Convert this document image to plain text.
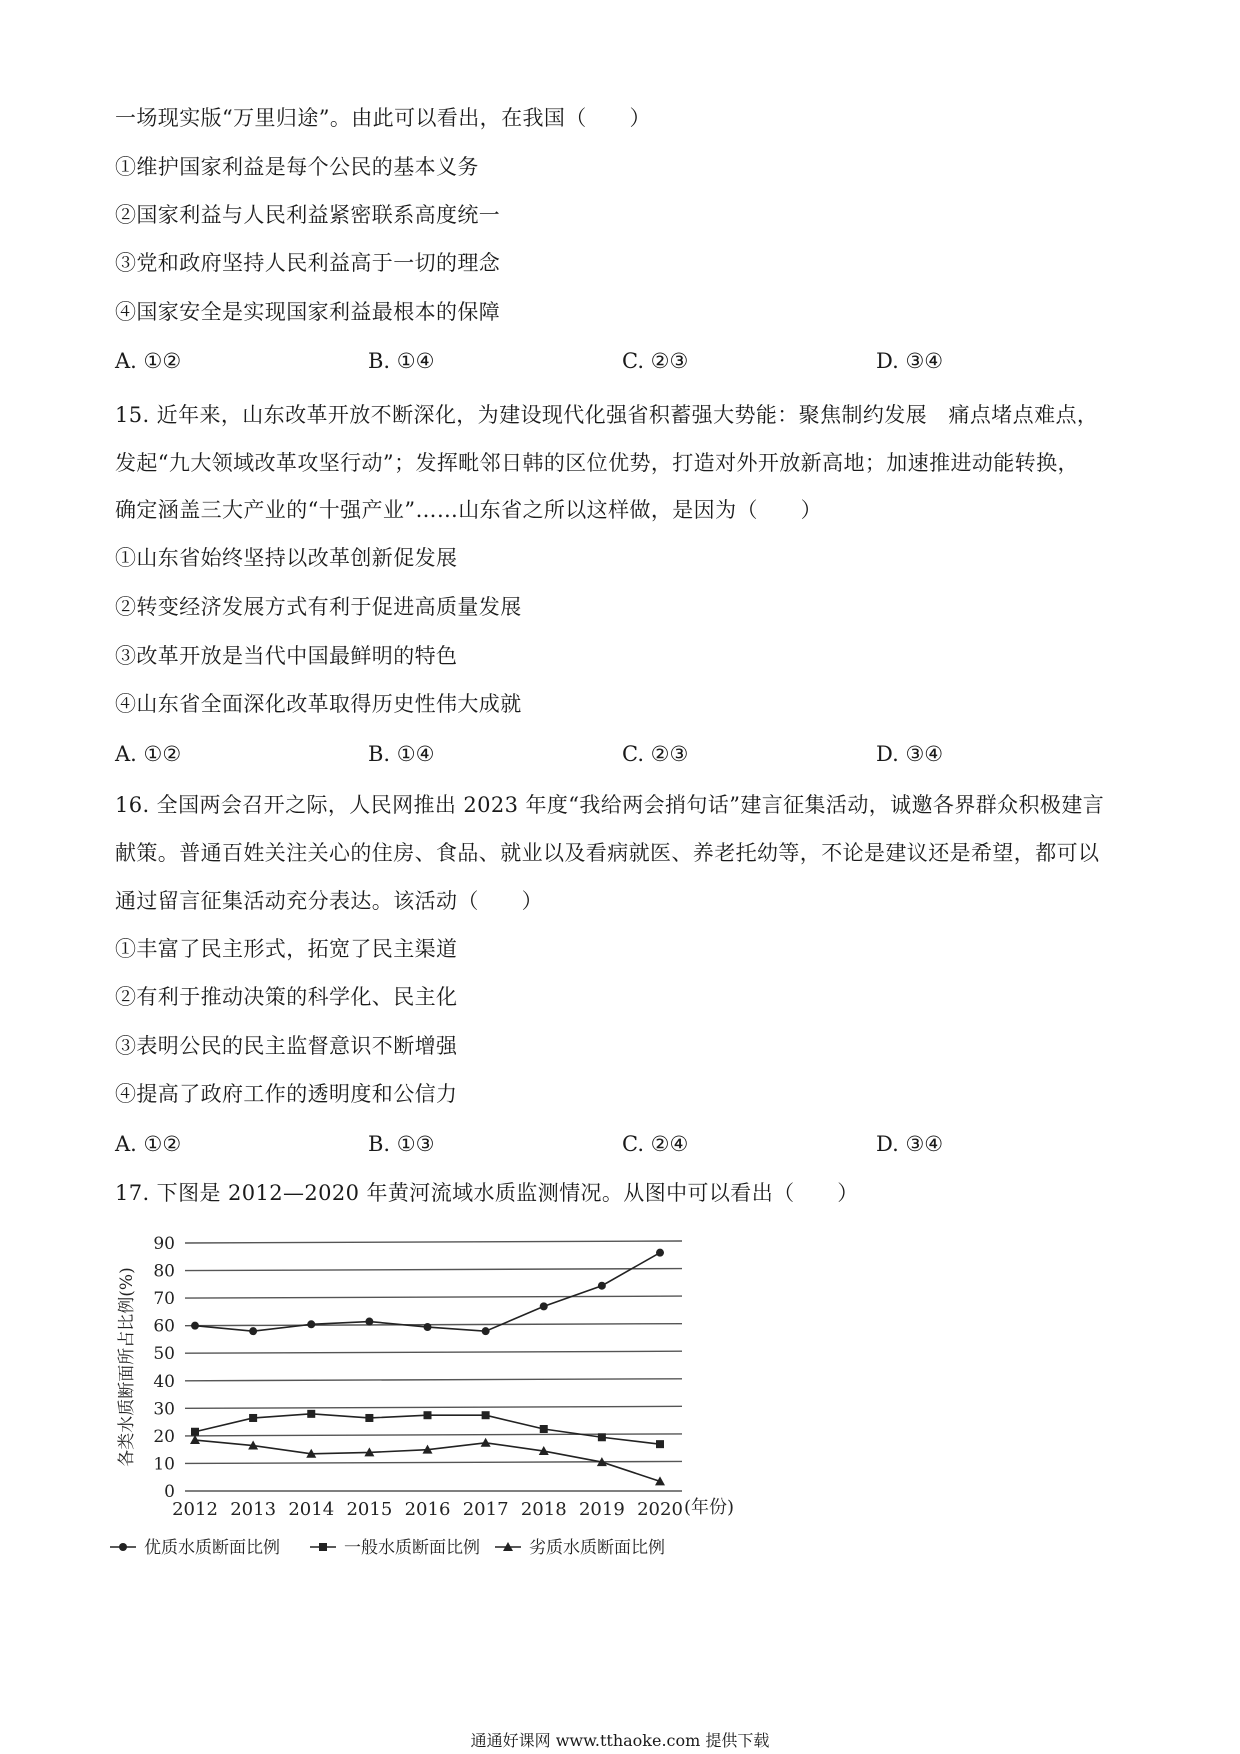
一场现实版“万里归途”。由此可以看出，在我国（　　）
①维护国家利益是每个公民的基本义务
②国家利益与人民利益紧密联系高度统一
③党和政府坚持人民利益高于一切的理念
④国家安全是实现国家利益最根本的保障
A. ①②	B. ①④	C. ②③	D. ③④
15. 近年来，山东改革开放不断深化，为建设现代化强省积蓄强大势能：聚焦制约发展　痛点堵点难点，
发起“九大领域改革攻坚行动”；发挥毗邻日韩的区位优势，打造对外开放新高地；加速推进动能转换，
确定涵盖三大产业的“十强产业”……山东省之所以这样做，是因为（　　）
①山东省始终坚持以改革创新促发展
②转变经济发展方式有利于促进高质量发展
③改革开放是当代中国最鲜明的特色
④山东省全面深化改革取得历史性伟大成就
A. ①②	B. ①④	C. ②③	D. ③④
16. 全国两会召开之际，人民网推出 2023 年度“我给两会捎句话”建言征集活动，诚邀各界群众积极建言
献策。普通百姓关注关心的住房、食品、就业以及看病就医、养老托幼等，不论是建议还是希望，都可以
通过留言征集活动充分表达。该活动（　　）
①丰富了民主形式，拓宽了民主渠道
②有利于推动决策的科学化、民主化
③表明公民的民主监督意识不断增强
④提高了政府工作的透明度和公信力
A. ①②	B. ①③	C. ②④	D. ③④
17. 下图是 2012—2020 年黄河流域水质监测情况。从图中可以看出（　　）
0
10
20
30
40
50
60
70
80
90
2012 2013 2014 2015 2016 2017 2018 2019 2020
各类水质断面所占比例(%)
(年份)
优质水质断面比例	一般水质断面比例	劣质水质断面比例
通通好课网 www.tthaoke.com 提供下载
